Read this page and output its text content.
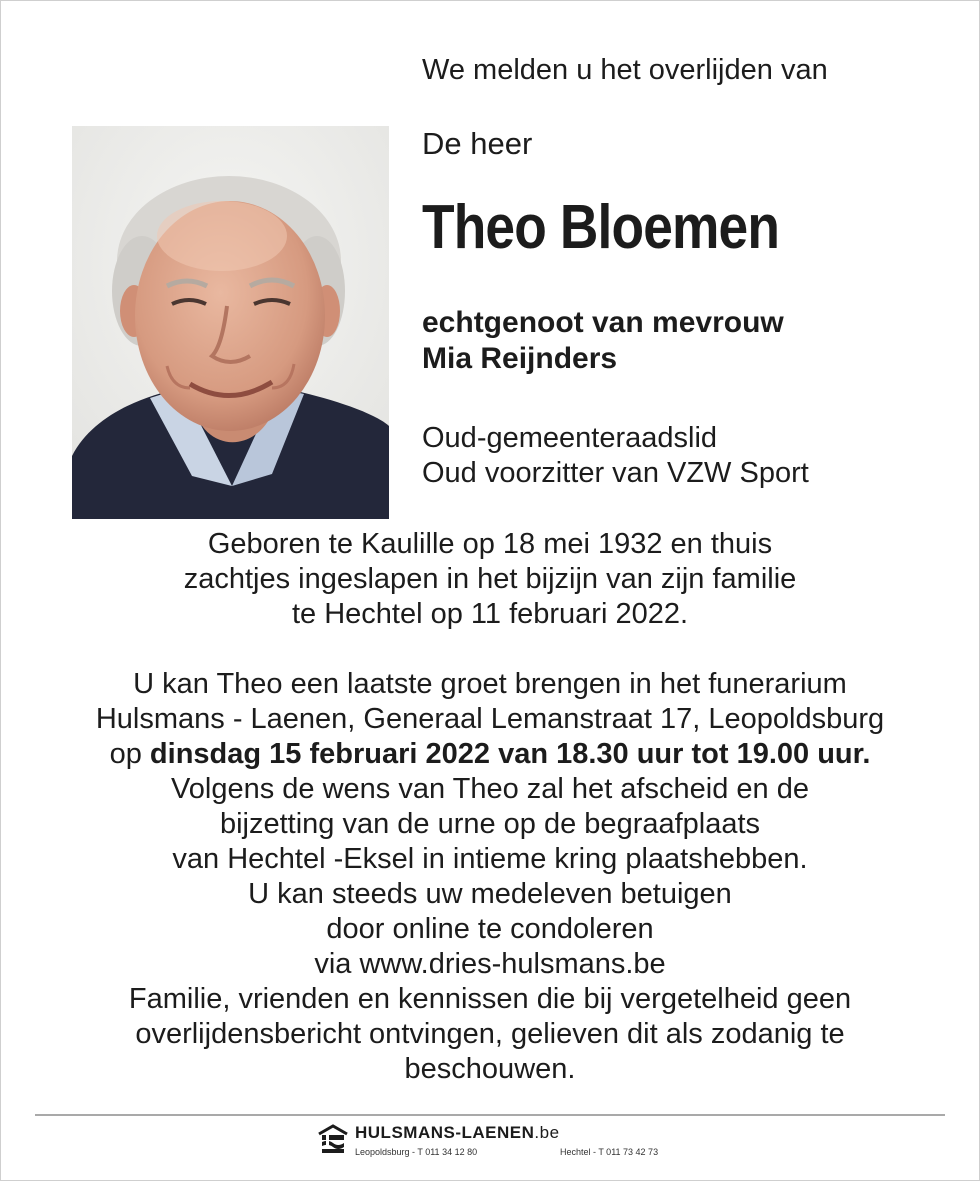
We melden u het overlijden van
De heer
Theo Bloemen
echtgenoot van mevrouw
Mia Reijnders
Oud-gemeenteraadslid
Oud voorzitter van VZW Sport
Geboren te Kaulille op 18 mei 1932 en thuis
zachtjes ingeslapen in het bijzijn van zijn familie
te Hechtel op 11 februari 2022.
U kan Theo een laatste groet brengen in het funerarium
Hulsmans - Laenen, Generaal Lemanstraat 17, Leopoldsburg
op dinsdag 15 februari 2022 van 18.30 uur tot 19.00 uur.
Volgens de wens van Theo zal het afscheid en de
bijzetting van de urne op de begraafplaats
van Hechtel -Eksel in intieme kring plaatshebben.
U kan steeds uw medeleven betuigen
door online te condoleren
via www.dries-hulsmans.be
Familie, vrienden en kennissen die bij vergetelheid geen
overlijdensbericht ontvingen, gelieven dit als zodanig te
beschouwen.
HULSMANS-LAENEN.be
Leopoldsburg - T 011 34 12 80	Hechtel - T 011 73 42 73
